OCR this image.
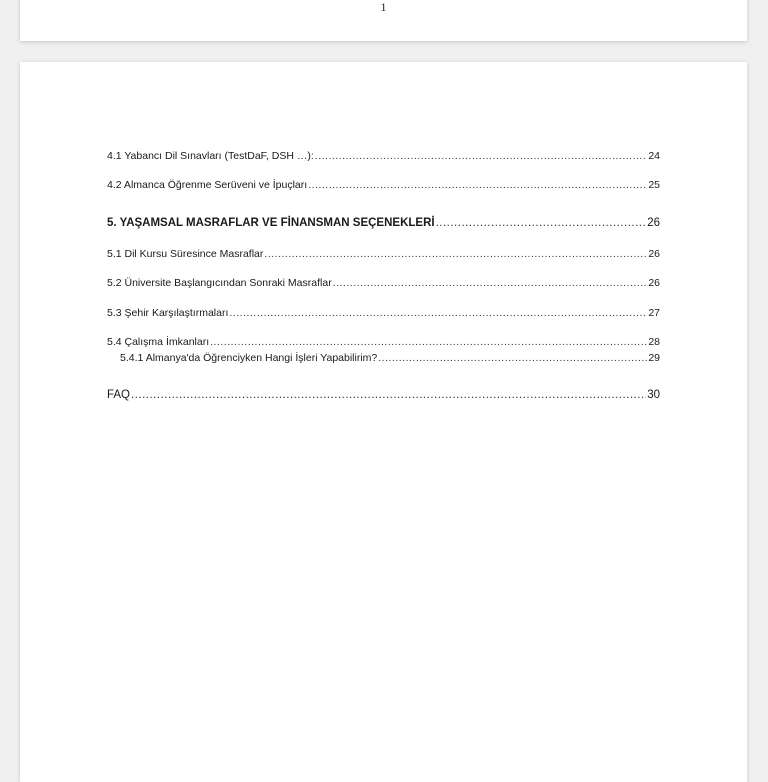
1
4.1 Yabancı Dil Sınavları (TestDaF, DSH …): .....	24
4.2 Almanca Öğrenme Serüveni ve İpuçları .....	25
5. YAŞAMSAL MASRAFLAR VE FİNANSMAN SEÇENEKLERİ .....	26
5.1 Dil Kursu Süresince Masraflar .....	26
5.2 Üniversite Başlangıcından Sonraki Masraflar .....	26
5.3 Şehir Karşılaştırmaları .....	27
5.4 Çalışma İmkanları .....	28
5.4.1 Almanya'da Öğrenciyken Hangi İşleri Yapabilirim? .....	29
FAQ .....	30
